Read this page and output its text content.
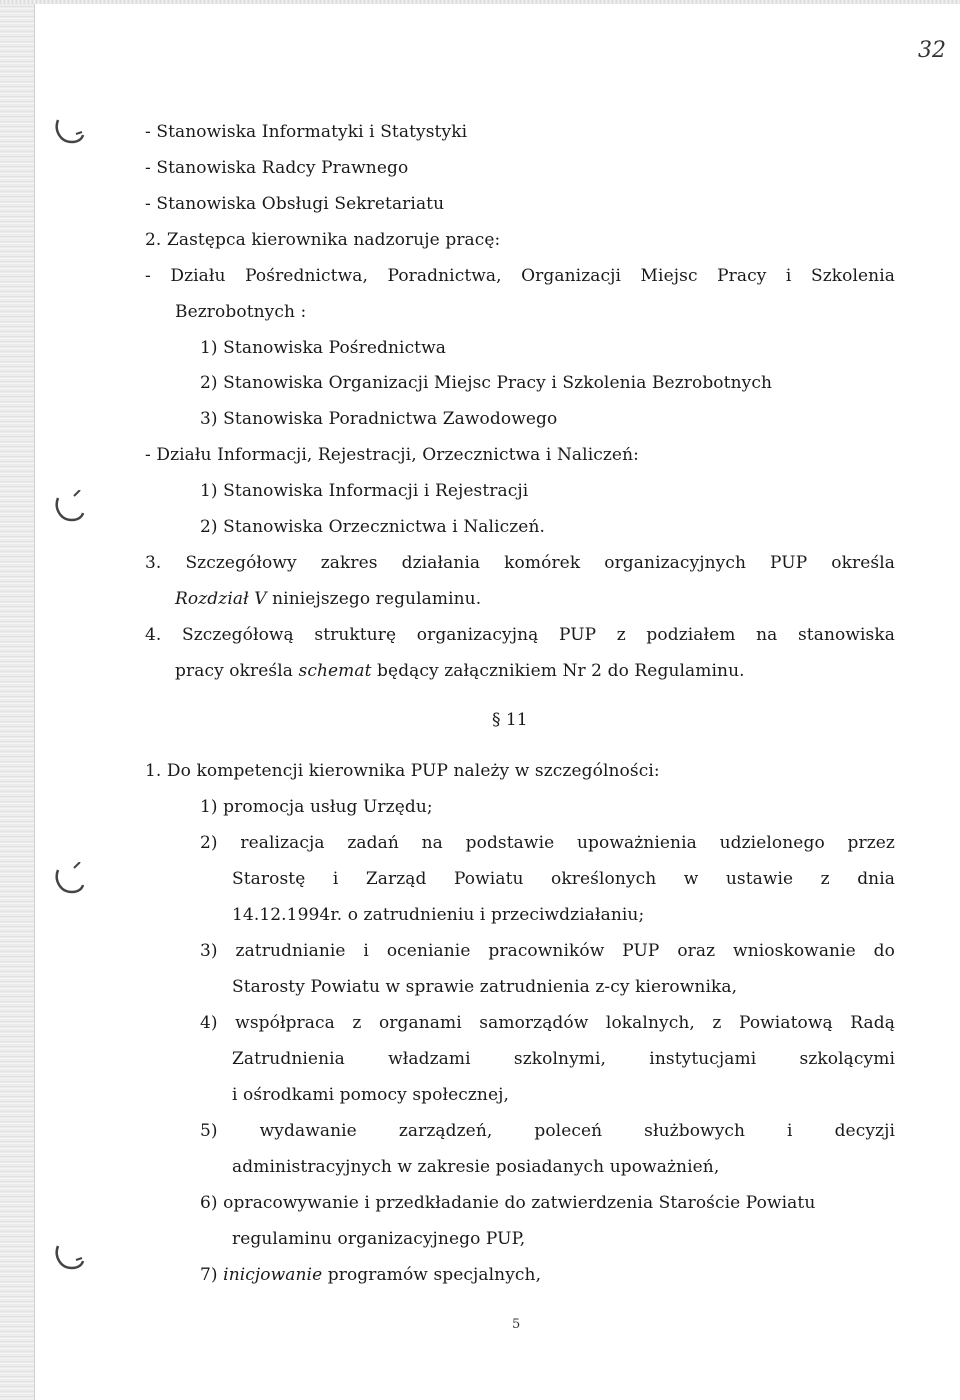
32
- Stanowiska Informatyki i Statystyki
- Stanowiska Radcy Prawnego
- Stanowiska Obsługi Sekretariatu
2. Zastępca kierownika nadzoruje pracę:
- Działu Pośrednictwa, Poradnictwa, Organizacji Miejsc Pracy i Szkolenia
Bezrobotnych :
1) Stanowiska Pośrednictwa
2) Stanowiska Organizacji Miejsc Pracy i Szkolenia Bezrobotnych
3) Stanowiska Poradnictwa Zawodowego
- Działu Informacji, Rejestracji, Orzecznictwa i Naliczeń:
1) Stanowiska Informacji i Rejestracji
2) Stanowiska Orzecznictwa i Naliczeń.
3. Szczegółowy zakres działania komórek organizacyjnych PUP określa
Rozdział V niniejszego regulaminu.
4. Szczegółową strukturę organizacyjną PUP z podziałem na stanowiska
pracy określa schemat będący załącznikiem Nr 2 do Regulaminu.
§ 11
1. Do kompetencji kierownika PUP należy w szczególności:
1) promocja usług Urzędu;
2) realizacja zadań na podstawie upoważnienia udzielonego przez
Starostę i Zarząd Powiatu określonych w ustawie z dnia
14.12.1994r. o zatrudnieniu i przeciwdziałaniu;
3) zatrudnianie i ocenianie pracowników PUP oraz wnioskowanie do
Starosty Powiatu w sprawie zatrudnienia z-cy kierownika,
4) współpraca z organami samorządów lokalnych, z Powiatową Radą
Zatrudnienia władzami szkolnymi, instytucjami szkolącymi
i ośrodkami pomocy społecznej,
5) wydawanie zarządzeń, poleceń służbowych i decyzji
administracyjnych w zakresie posiadanych upoważnień,
6) opracowywanie i przedkładanie do zatwierdzenia Staroście Powiatu
regulaminu organizacyjnego PUP,
7) inicjowanie programów specjalnych,
5
